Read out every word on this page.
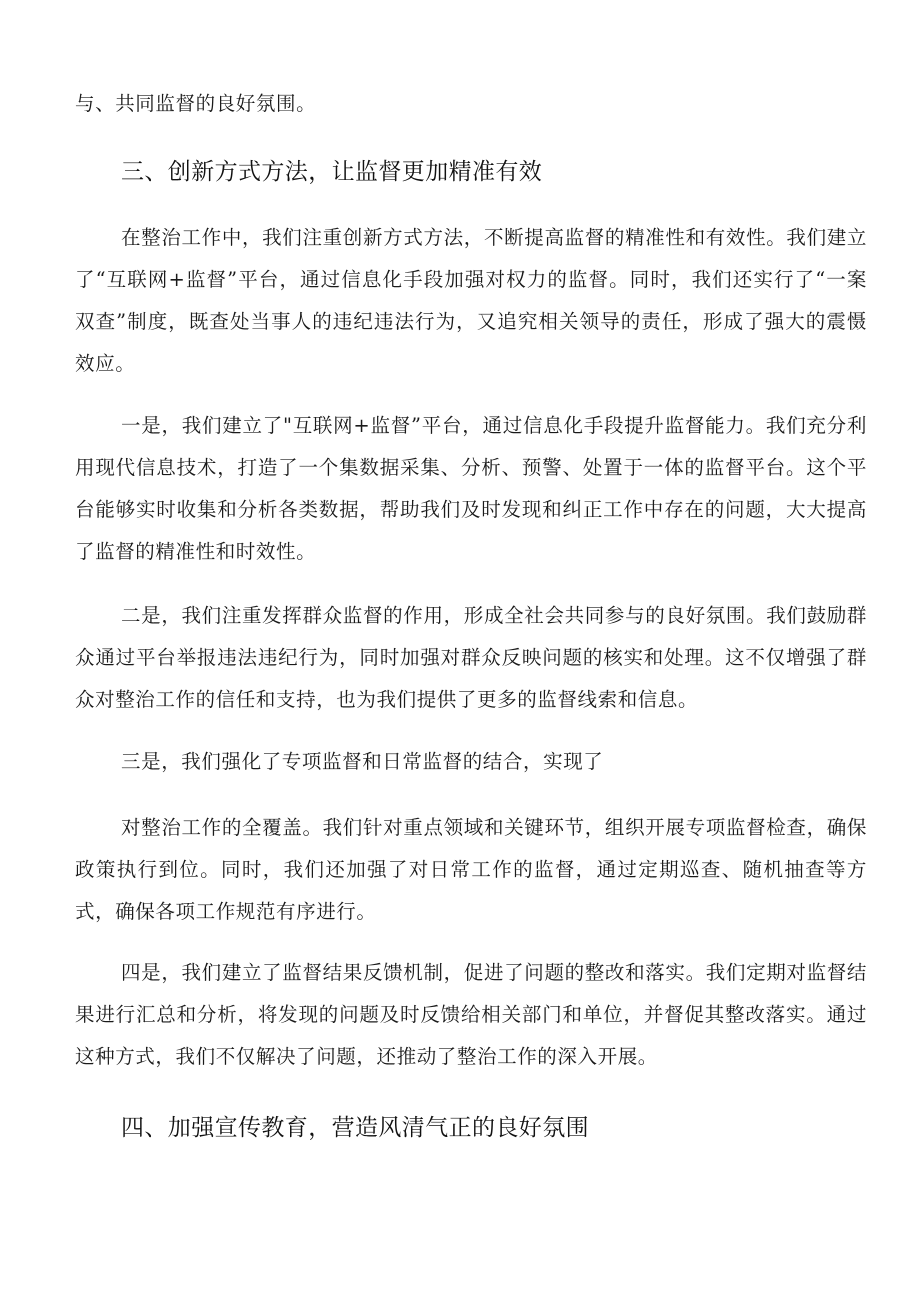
与、共同监督的良好氛围。

三、创新方式方法，让监督更加精准有效

在整治工作中，我们注重创新方式方法，不断提高监督的精准性和有效性。我们建立了“互联网+监督”平台，通过信息化手段加强对权力的监督。同时，我们还实行了“一案双查”制度，既查处当事人的违纪违法行为，又追究相关领导的责任，形成了强大的震慑效应。

一是，我们建立了"互联网+监督”平台，通过信息化手段提升监督能力。我们充分利用现代信息技术，打造了一个集数据采集、分析、预警、处置于一体的监督平台。这个平台能够实时收集和分析各类数据，帮助我们及时发现和纠正工作中存在的问题，大大提高了监督的精准性和时效性。

二是，我们注重发挥群众监督的作用，形成全社会共同参与的良好氛围。我们鼓励群众通过平台举报违法违纪行为，同时加强对群众反映问题的核实和处理。这不仅增强了群众对整治工作的信任和支持，也为我们提供了更多的监督线索和信息。

三是，我们强化了专项监督和日常监督的结合，实现了

对整治工作的全覆盖。我们针对重点领域和关键环节，组织开展专项监督检查，确保政策执行到位。同时，我们还加强了对日常工作的监督，通过定期巡查、随机抽查等方式，确保各项工作规范有序进行。

四是，我们建立了监督结果反馈机制，促进了问题的整改和落实。我们定期对监督结果进行汇总和分析，将发现的问题及时反馈给相关部门和单位，并督促其整改落实。通过这种方式，我们不仅解决了问题，还推动了整治工作的深入开展。

四、加强宣传教育，营造风清气正的良好氛围
